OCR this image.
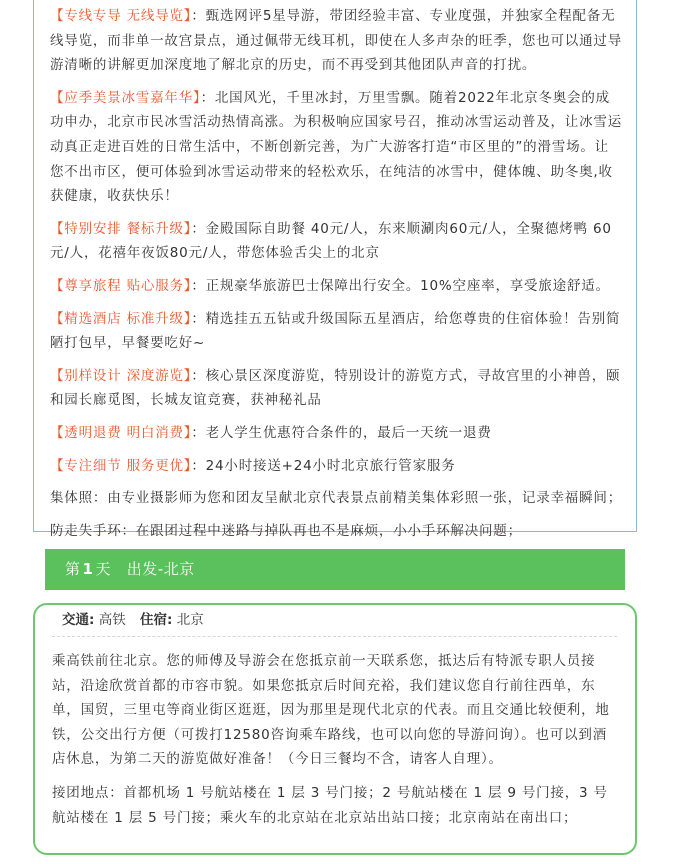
【专线专导 无线导览】：甄选网评5星导游，带团经验丰富、专业度强，并独家全程配备无线导览，而非单一故宫景点，通过佩带无线耳机，即使在人多声杂的旺季，您也可以通过导游清晰的讲解更加深度地了解北京的历史，而不再受到其他团队声音的打扰。

【应季美景冰雪嘉年华】：北国风光，千里冰封，万里雪飘。随着2022年北京冬奥会的成功申办，北京市民冰雪活动热情高涨。为积极响应国家号召，推动冰雪运动普及，让冰雪运动真正走进百姓的日常生活中，不断创新完善，为广大游客打造“市区里的”的滑雪场。让您不出市区，便可体验到冰雪运动带来的轻松欢乐，在纯洁的冰雪中，健体魄、助冬奥,收获健康，收获快乐！

【特别安排 餐标升级】：金殿国际自助餐 40元/人，东来顺涮肉60元/人，全聚德烤鸭 60元/人，花禧年夜饭80元/人，带您体验舌尖上的北京

【尊享旅程 贴心服务】：正规豪华旅游巴士保障出行安全。10%空座率，享受旅途舒适。

【精选酒店 标准升级】：精选挂五五钻或升级国际五星酒店，给您尊贵的住宿体验！告别简陋打包早，早餐要吃好~

【别样设计 深度游览】：核心景区深度游览，特别设计的游览方式，寻故宫里的小神兽，颐和园长廊觅图，长城友谊竞赛，获神秘礼品

【透明退费 明白消费】：老人学生优惠符合条件的，最后一天统一退费

【专注细节 服务更优】：24小时接送+24小时北京旅行管家服务

集体照：由专业摄影师为您和团友呈献北京代表景点前精美集体彩照一张，记录幸福瞬间；

防走失手环：在跟团过程中迷路与掉队再也不是麻烦，小小手环解决问题；

第 1 天 出发-北京
交通: 高铁 住宿: 北京

乘高铁前往北京。您的师傅及导游会在您抵京前一天联系您，抵达后有特派专职人员接站，沿途欣赏首都的市容市貌。如果您抵京后时间充裕，我们建议您自行前往西单，东单，国贸，三里屯等商业街区逛逛，因为那里是现代北京的代表。而且交通比较便利，地铁，公交出行方便（可拨打12580咨询乘车路线，也可以向您的导游问询）。也可以到酒店休息，为第二天的游览做好准备！（今日三餐均不含，请客人自理）。

接团地点：首都机场 1 号航站楼在 1 层 3 号门接；2 号航站楼在 1 层 9 号门接，3 号航站楼在 1 层 5 号门接；乘火车的北京站在北京站出站口接；北京南站在南出口；
